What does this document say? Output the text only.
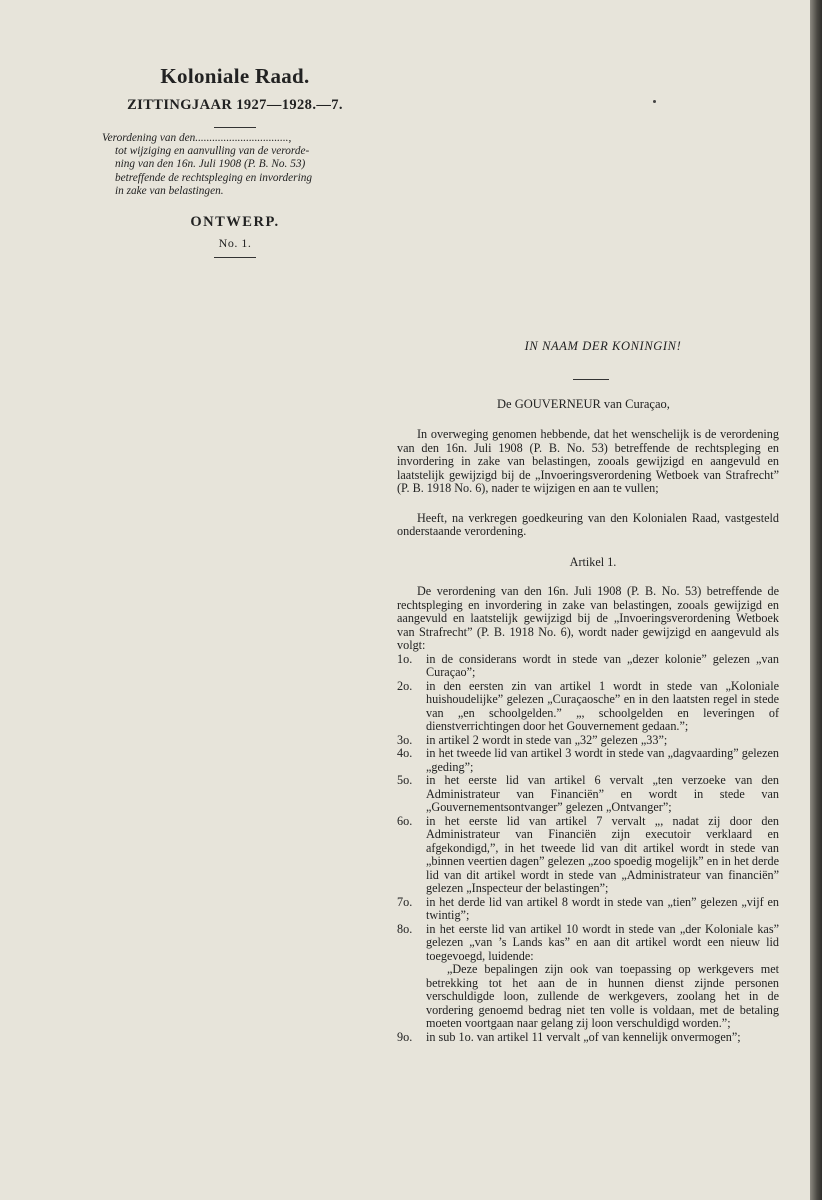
Koloniale Raad.
ZITTINGJAAR 1927—1928.—7.
Verordening van den.................................,
tot wijziging en aanvulling van de verorde-
ning van den 16n. Juli 1908 (P. B. No. 53)
betreffende de rechtspleging en invordering
in zake van belastingen.
ONTWERP.
No. 1.
IN NAAM DER KONINGIN!
De GOUVERNEUR van Curaçao,

In overweging genomen hebbende, dat het wenschelijk is de verordening van den 16n. Juli 1908 (P. B. No. 53) betreffende de rechtspleging en invordering in zake van belastingen, zooals gewijzigd en aangevuld en laatstelijk gewijzigd bij de „Invoeringsverordening Wetboek van Strafrecht” (P. B. 1918 No. 6), nader te wijzigen en aan te vullen;

Heeft, na verkregen goedkeuring van den Kolonialen Raad, vastgesteld onderstaande verordening.

Artikel 1.

De verordening van den 16n. Juli 1908 (P. B. No. 53) betreffende de rechtspleging en invordering in zake van belastingen, zooals gewijzigd en aangevuld en laatstelijk gewijzigd bij de „Invoeringsverordening Wetboek van Strafrecht” (P. B. 1918 No. 6), wordt nader gewijzigd en aangevuld als volgt:

1o.	in de considerans wordt in stede van „dezer kolonie” gelezen „van Curaçao”;
2o.	in den eersten zin van artikel 1 wordt in stede van „Koloniale huishoudelijke” gelezen „Curaçaosche” en in den laatsten regel in stede van „en schoolgelden.” „, schoolgelden en leveringen of dienstverrichtingen door het Gouvernement gedaan.”;
3o.	in artikel 2 wordt in stede van „32” gelezen „33”;
4o.	in het tweede lid van artikel 3 wordt in stede van „dagvaarding” gelezen „geding”;
5o.	in het eerste lid van artikel 6 vervalt „ten verzoeke van den Administrateur van Financiën” en wordt in stede van „Gouvernementsontvanger” gelezen „Ontvanger”;
6o.	in het eerste lid van artikel 7 vervalt „, nadat zij door den Administrateur van Financiën zijn executoir verklaard en afgekondigd,”, in het tweede lid van dit artikel wordt in stede van „binnen veertien dagen” gelezen „zoo spoedig mogelijk” en in het derde lid van dit artikel wordt in stede van „Administrateur van financiën” gelezen „Inspecteur der belastingen”;
7o.	in het derde lid van artikel 8 wordt in stede van „tien” gelezen „vijf en twintig”;
8o.	in het eerste lid van artikel 10 wordt in stede van „der Koloniale kas” gelezen „van ’s Lands kas” en aan dit artikel wordt een nieuw lid toegevoegd, luidende:
„Deze bepalingen zijn ook van toepassing op werkgevers met betrekking tot het aan de in hunnen dienst zijnde personen verschuldigde loon, zullende de werkgevers, zoolang het in de vordering genoemd bedrag niet ten volle is voldaan, met de betaling moeten voortgaan naar gelang zij loon verschuldigd worden.”;
9o.	in sub 1o. van artikel 11 vervalt „of van kennelijk onvermogen”;
